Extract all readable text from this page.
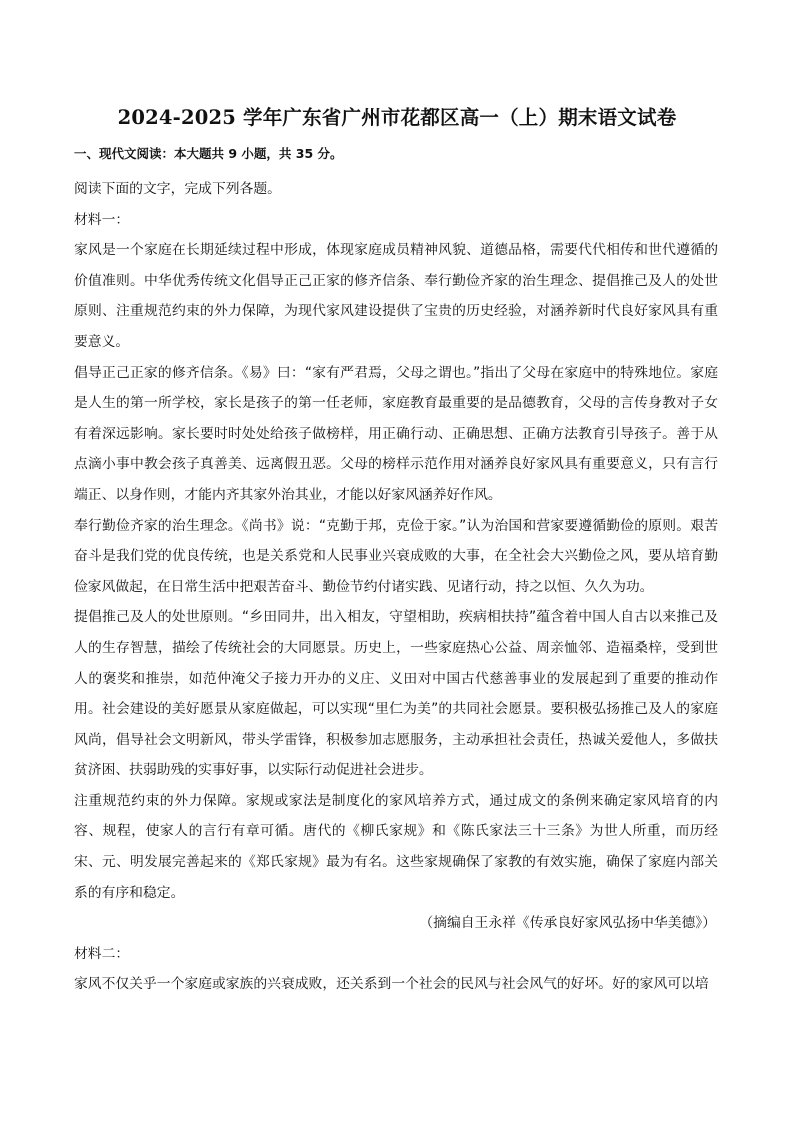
2024-2025 学年广东省广州市花都区高一（上）期末语文试卷
一、现代文阅读：本大题共 9 小题，共 35 分。

阅读下面的文字，完成下列各题。

材料一：

家风是一个家庭在长期延续过程中形成，体现家庭成员精神风貌、道德品格，需要代代相传和世代遵循的价值准则。中华优秀传统文化倡导正己正家的修齐信条、奉行勤俭齐家的治生理念、提倡推己及人的处世原则、注重规范约束的外力保障，为现代家风建设提供了宝贵的历史经验，对涵养新时代良好家风具有重要意义。

倡导正己正家的修齐信条。《易》曰：“家有严君焉，父母之谓也。”指出了父母在家庭中的特殊地位。家庭是人生的第一所学校，家长是孩子的第一任老师，家庭教育最重要的是品德教育，父母的言传身教对子女有着深远影响。家长要时时处处给孩子做榜样，用正确行动、正确思想、正确方法教育引导孩子。善于从点滴小事中教会孩子真善美、远离假丑恶。父母的榜样示范作用对涵养良好家风具有重要意义，只有言行端正、以身作则，才能内齐其家外治其业，才能以好家风涵养好作风。

奉行勤俭齐家的治生理念。《尚书》说：“克勤于邦，克俭于家。”认为治国和营家要遵循勤俭的原则。艰苦奋斗是我们党的优良传统，也是关系党和人民事业兴衰成败的大事，在全社会大兴勤俭之风，要从培育勤俭家风做起，在日常生活中把艰苦奋斗、勤俭节约付诸实践、见诸行动，持之以恒、久久为功。

提倡推己及人的处世原则。“乡田同井，出入相友，守望相助，疾病相扶持”蕴含着中国人自古以来推己及人的生存智慧，描绘了传统社会的大同愿景。历史上，一些家庭热心公益、周亲恤邻、造福桑梓，受到世人的褒奖和推崇，如范仲淹父子接力开办的义庄、义田对中国古代慈善事业的发展起到了重要的推动作用。社会建设的美好愿景从家庭做起，可以实现“里仁为美”的共同社会愿景。要积极弘扬推己及人的家庭风尚，倡导社会文明新风，带头学雷锋，积极参加志愿服务，主动承担社会责任，热诚关爱他人，多做扶贫济困、扶弱助残的实事好事，以实际行动促进社会进步。

注重规范约束的外力保障。家规或家法是制度化的家风培养方式，通过成文的条例来确定家风培育的内容、规程，使家人的言行有章可循。唐代的《柳氏家规》和《陈氏家法三十三条》为世人所重，而历经宋、元、明发展完善起来的《郑氏家规》最为有名。这些家规确保了家教的有效实施，确保了家庭内部关系的有序和稳定。

（摘编自王永祥《传承良好家风弘扬中华美德》）

材料二：

家风不仅关乎一个家庭或家族的兴衰成败，还关系到一个社会的民风与社会风气的好坏。好的家风可以培
